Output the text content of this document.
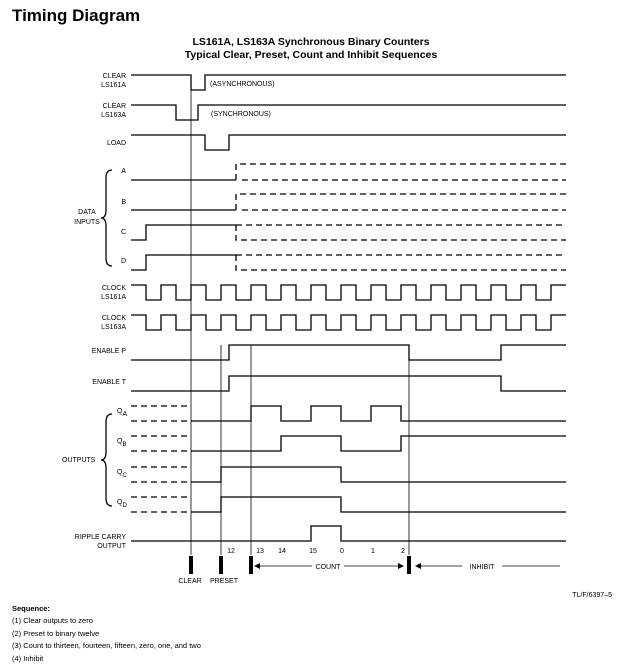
Timing Diagram
LS161A, LS163A Synchronous Binary Counters
Typical Clear, Preset, Count and Inhibit Sequences
CLEAR
LS161A
CLEAR
LS163A
LOAD
A
B
C
D
DATA
INPUTS
CLOCK
LS161A
CLOCK
LS163A
ENABLE P
ENABLE T
QA
QB
QC
QD
OUTPUTS
RIPPLE CARRY
OUTPUT
(ASYNCHRONOUS)
(SYNCHRONOUS)
12	13 14	15	0	1	2
CLEAR PRESET
COUNT	INHIBIT
TL/F/6397–5
Sequence:
(1) Clear outputs to zero
(2) Preset to binary twelve
(3) Count to thirteen, fourteen, fifteen, zero, one, and two
(4) Inhibit
